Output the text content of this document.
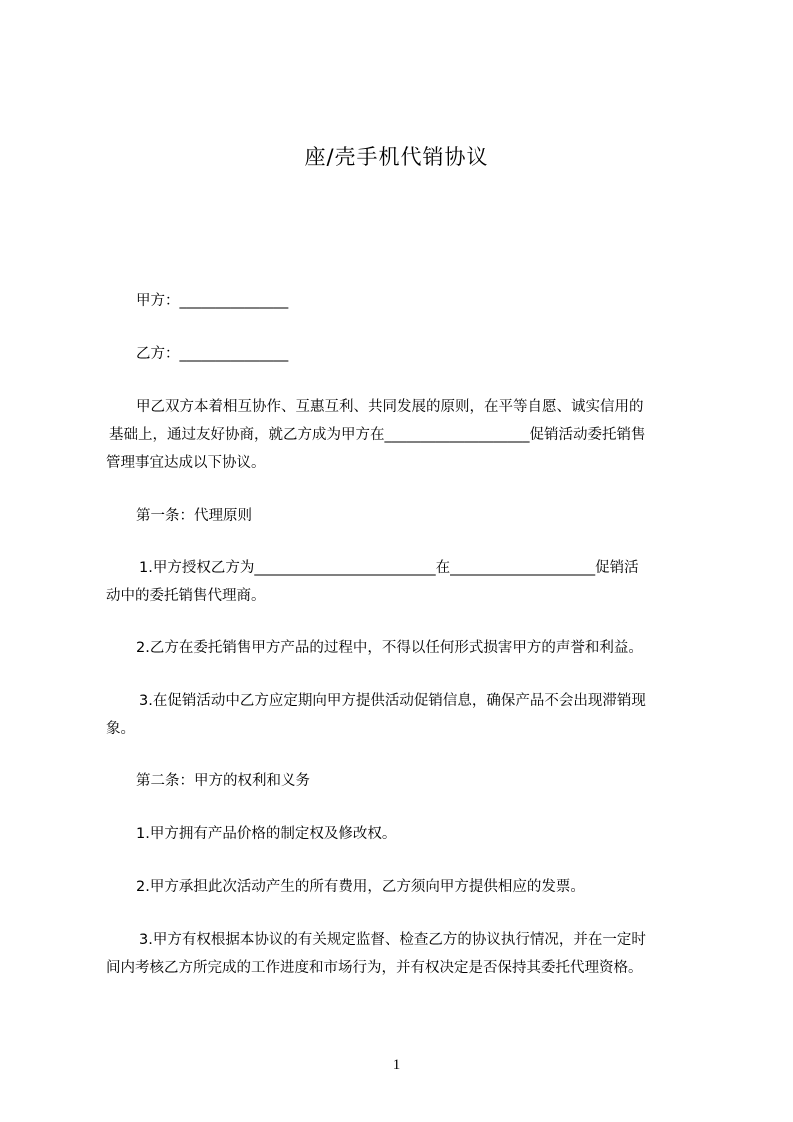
座/壳手机代销协议
甲方：_______________
乙方：_______________
甲乙双方本着相互协作、互惠互利、共同发展的原则，在平等自愿、诚实信用的
基础上，通过友好协商，就乙方成为甲方在____________________促销活动委托销售
管理事宜达成以下协议。
第一条：代理原则
1.甲方授权乙方为_________________________在____________________促销活
动中的委托销售代理商。
2.乙方在委托销售甲方产品的过程中，不得以任何形式损害甲方的声誉和利益。
3.在促销活动中乙方应定期向甲方提供活动促销信息，确保产品不会出现滞销现
象。
第二条：甲方的权利和义务
1.甲方拥有产品价格的制定权及修改权。
2.甲方承担此次活动产生的所有费用，乙方须向甲方提供相应的发票。
3.甲方有权根据本协议的有关规定监督、检查乙方的协议执行情况，并在一定时
间内考核乙方所完成的工作进度和市场行为，并有权决定是否保持其委托代理资格。
1
